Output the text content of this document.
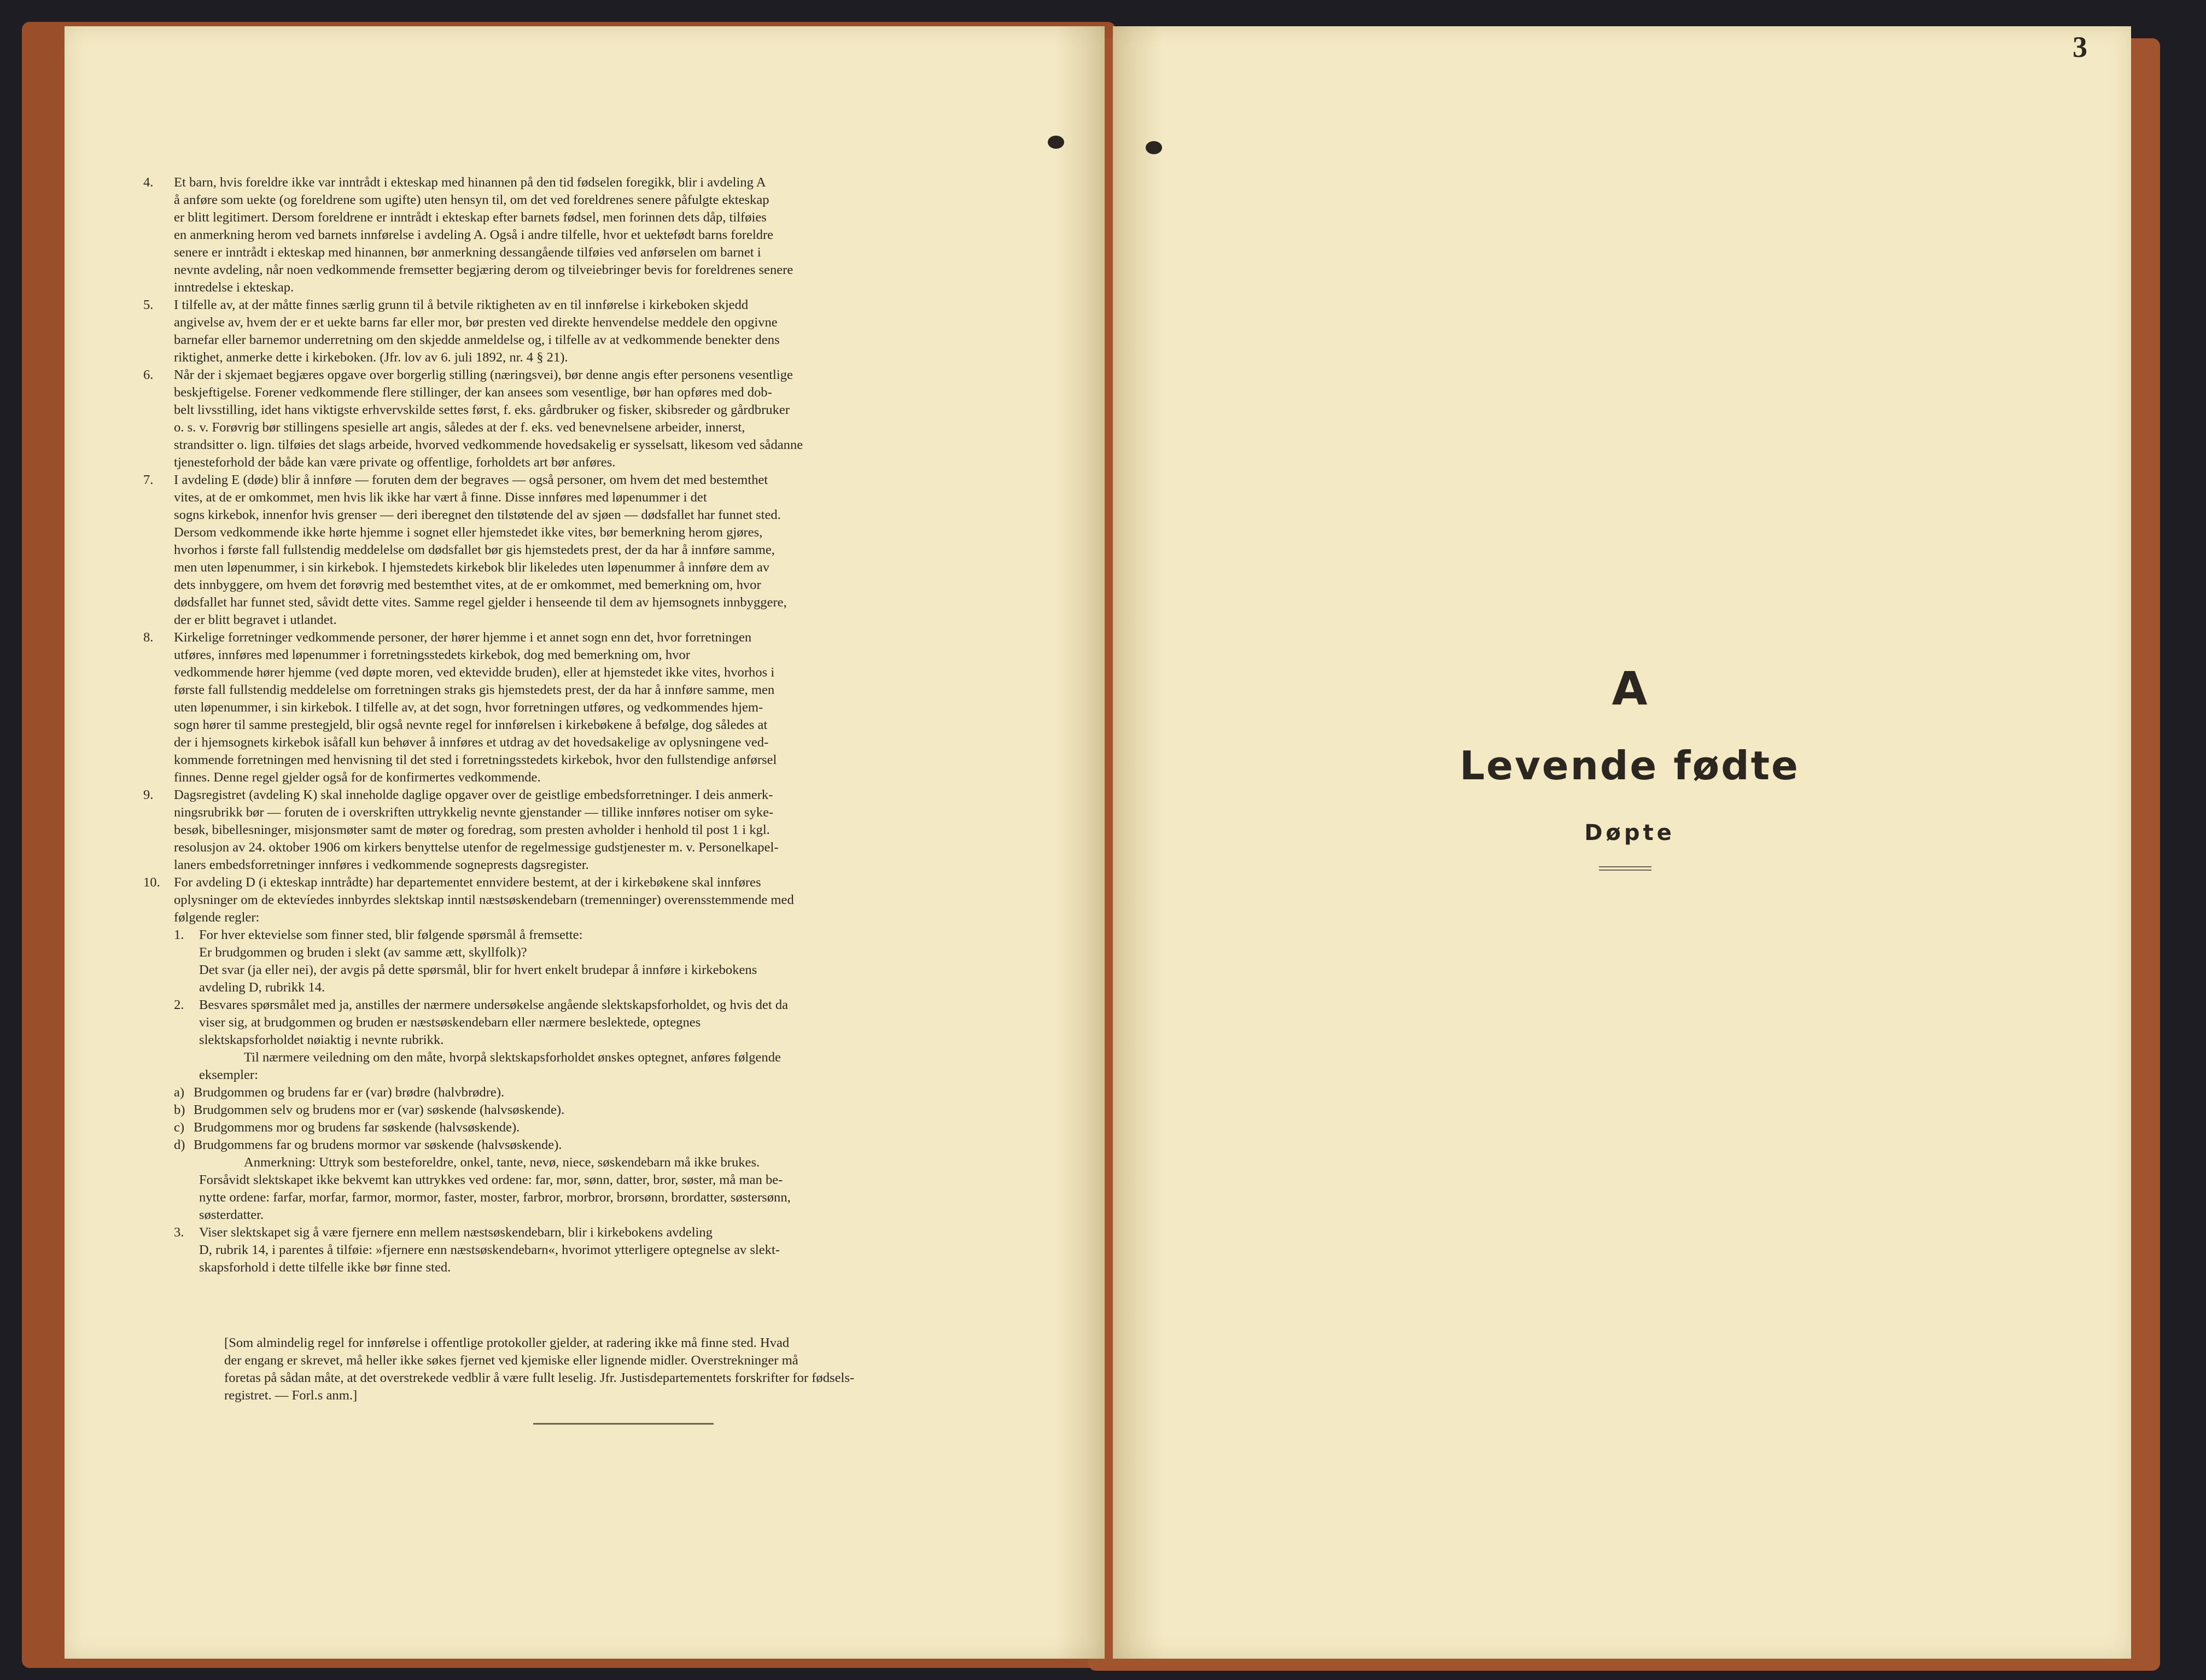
4. Et barn, hvis foreldre ikke var inntrådt i ekteskap med hinannen på den tid fødselen foregikk, blir i avdeling A
å anføre som uekte (og foreldrene som ugifte) uten hensyn til, om det ved foreldrenes senere påfulgte ekteskap
er blitt legitimert. Dersom foreldrene er inntrådt i ekteskap efter barnets fødsel, men forinnen dets dåp, tilføies
en anmerkning herom ved barnets innførelse i avdeling A. Også i andre tilfelle, hvor et uektefødt barns foreldre
senere er inntrådt i ekteskap med hinannen, bør anmerkning dessangående tilføies ved anførselen om barnet i
nevnte avdeling, når noen vedkommende fremsetter begjæring derom og tilveiebringer bevis for foreldrenes senere
inntredelse i ekteskap.
5. I tilfelle av, at der måtte finnes særlig grunn til å betvile riktigheten av en til innførelse i kirkeboken skjedd
angivelse av, hvem der er et uekte barns far eller mor, bør presten ved direkte henvendelse meddele den opgivne
barnefar eller barnemor underretning om den skjedde anmeldelse og, i tilfelle av at vedkommende benekter dens
riktighet, anmerke dette i kirkeboken. (Jfr. lov av 6. juli 1892, nr. 4 § 21).
6. Når der i skjemaet begjæres opgave over borgerlig stilling (næringsvei), bør denne angis efter personens vesentlige
beskjeftigelse. Forener vedkommende flere stillinger, der kan ansees som vesentlige, bør han opføres med dob-
belt livsstilling, idet hans viktigste erhvervskilde settes først, f. eks. gårdbruker og fisker, skibsreder og gårdbruker
o. s. v. Forøvrig bør stillingens spesielle art angis, således at der f. eks. ved benevnelsene arbeider, innerst,
strandsitter o. lign. tilføies det slags arbeide, hvorved vedkommende hovedsakelig er sysselsatt, likesom ved sådanne
tjenesteforhold der både kan være private og offentlige, forholdets art bør anføres.
7. I avdeling E (døde) blir å innføre — foruten dem der begraves — også personer, om hvem det med bestemthet
vites, at de er omkommet, men hvis lik ikke har vært å finne. Disse innføres med løpenummer i det
sogns kirkebok, innenfor hvis grenser — deri iberegnet den tilstøtende del av sjøen — dødsfallet har funnet sted.
Dersom vedkommende ikke hørte hjemme i sognet eller hjemstedet ikke vites, bør bemerkning herom gjøres,
hvorhos i første fall fullstendig meddelelse om dødsfallet bør gis hjemstedets prest, der da har å innføre samme,
men uten løpenummer, i sin kirkebok. I hjemstedets kirkebok blir likeledes uten løpenummer å innføre dem av
dets innbyggere, om hvem det forøvrig med bestemthet vites, at de er omkommet, med bemerkning om, hvor
dødsfallet har funnet sted, såvidt dette vites. Samme regel gjelder i henseende til dem av hjemsognets innbyggere,
der er blitt begravet i utlandet.
8. Kirkelige forretninger vedkommende personer, der hører hjemme i et annet sogn enn det, hvor forretningen
utføres, innføres med løpenummer i forretningsstedets kirkebok, dog med bemerkning om, hvor
vedkommende hører hjemme (ved døpte moren, ved ektevidde bruden), eller at hjemstedet ikke vites, hvorhos i
første fall fullstendig meddelelse om forretningen straks gis hjemstedets prest, der da har å innføre samme, men
uten løpenummer, i sin kirkebok. I tilfelle av, at det sogn, hvor forretningen utføres, og vedkommendes hjem-
sogn hører til samme prestegjeld, blir også nevnte regel for innførelsen i kirkebøkene å befølge, dog således at
der i hjemsognets kirkebok isåfall kun behøver å innføres et utdrag av det hovedsakelige av oplysningene ved-
kommende forretningen med henvisning til det sted i forretningsstedets kirkebok, hvor den fullstendige anførsel
finnes. Denne regel gjelder også for de konfirmertes vedkommende.
9. Dagsregistret (avdeling K) skal inneholde daglige opgaver over de geistlige embedsforretninger. I deis anmerk-
ningsrubrikk bør — foruten de i overskriften uttrykkelig nevnte gjenstander — tillike innføres notiser om syke-
besøk, bibellesninger, misjonsmøter samt de møter og foredrag, som presten avholder i henhold til post 1 i kgl.
resolusjon av 24. oktober 1906 om kirkers benyttelse utenfor de regelmessige gudstjenester m. v. Personelkapel-
laners embedsforretninger innføres i vedkommende sogneprests dagsregister.
10. For avdeling D (i ekteskap inntrådte) har departementet ennvidere bestemt, at der i kirkebøkene skal innføres
oplysninger om de ektevíedes innbyrdes slektskap inntil næstsøskendebarn (tremenninger) overensstemmende med
følgende regler:
1. For hver ektevielse som finner sted, blir følgende spørsmål å fremsette:
Er brudgommen og bruden i slekt (av samme ætt, skyllfolk)?
Det svar (ja eller nei), der avgis på dette spørsmål, blir for hvert enkelt brudepar å innføre i kirkebokens
avdeling D, rubrikk 14.
2. Besvares spørsmålet med ja, anstilles der nærmere undersøkelse angående slektskapsforholdet, og hvis det da
viser sig, at brudgommen og bruden er næstsøskendebarn eller nærmere beslektede, optegnes
slektskapsforholdet nøiaktig i nevnte rubrikk.
Til nærmere veiledning om den måte, hvorpå slektskapsforholdet ønskes optegnet, anføres følgende
eksempler:
a) Brudgommen og brudens far er (var) brødre (halvbrødre).
b) Brudgommen selv og brudens mor er (var) søskende (halvsøskende).
c) Brudgommens mor og brudens far søskende (halvsøskende).
d) Brudgommens far og brudens mormor var søskende (halvsøskende).
Anmerkning: Uttryk som besteforeldre, onkel, tante, nevø, niece, søskendebarn må ikke brukes.
Forsåvidt slektskapet ikke bekvemt kan uttrykkes ved ordene: far, mor, sønn, datter, bror, søster, må man be-
nytte ordene: farfar, morfar, farmor, mormor, faster, moster, farbror, morbror, brorsønn, brordatter, søstersønn,
søsterdatter.
3. Viser slektskapet sig å være fjernere enn mellem næstsøskendebarn, blir i kirkebokens avdeling
D, rubrik 14, i parentes å tilføie: »fjernere enn næstsøskendebarn«, hvorimot ytterligere optegnelse av slekt-
skapsforhold i dette tilfelle ikke bør finne sted.
[Som almindelig regel for innførelse i offentlige protokoller gjelder, at radering ikke må finne sted. Hvad
der engang er skrevet, må heller ikke søkes fjernet ved kjemiske eller lignende midler. Overstrekninger må
foretas på sådan måte, at det overstrekede vedblir å være fullt leselig. Jfr. Justisdepartementets forskrifter for fødsels-
registret. — Forl.s anm.]
3
A
Levende fødte
Døpte
